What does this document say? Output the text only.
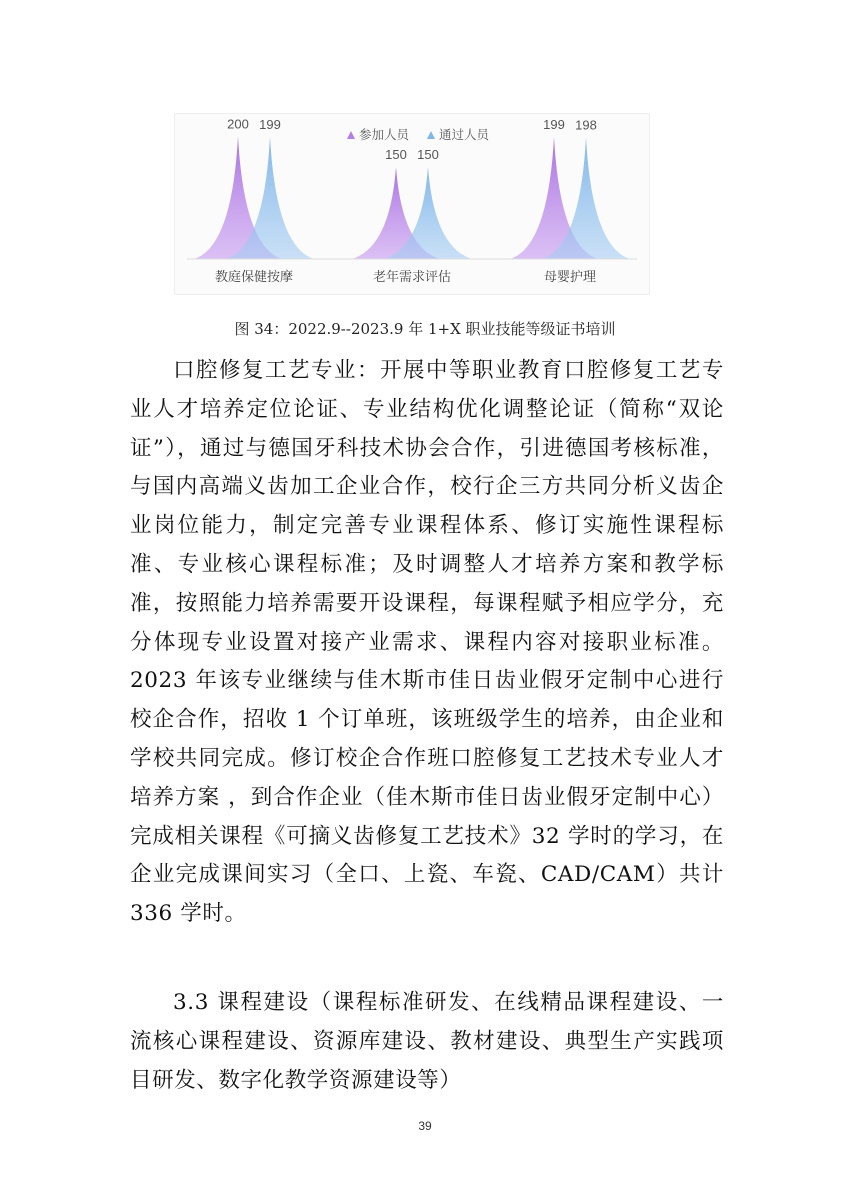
参加人员 通过人员
200 199
教庭保健按摩
150 150
老年需求评估
199 198
母婴护理
图 34：2022.9--2023.9 年 1+X 职业技能等级证书培训

口腔修复工艺专业：开展中等职业教育口腔修复工艺专业人才培养定位论证、专业结构优化调整论证（简称“双论证”），通过与德国牙科技术协会合作，引进德国考核标准，与国内高端义齿加工企业合作，校行企三方共同分析义齿企业岗位能力，制定完善专业课程体系、修订实施性课程标准、专业核心课程标准；及时调整人才培养方案和教学标准，按照能力培养需要开设课程，每课程赋予相应学分，充分体现专业设置对接产业需求、课程内容对接职业标准。2023 年该专业继续与佳木斯市佳日齿业假牙定制中心进行校企合作，招收 1 个订单班，该班级学生的培养，由企业和学校共同完成。修订校企合作班口腔修复工艺技术专业人才培养方案 ，到合作企业（佳木斯市佳日齿业假牙定制中心）完成相关课程《可摘义齿修复工艺技术》32 学时的学习，在企业完成课间实习（全口、上瓷、车瓷、CAD/CAM）共计 336 学时。

3.3 课程建设（课程标准研发、在线精品课程建设、一流核心课程建设、资源库建设、教材建设、典型生产实践项目研发、数字化教学资源建设等）

39
